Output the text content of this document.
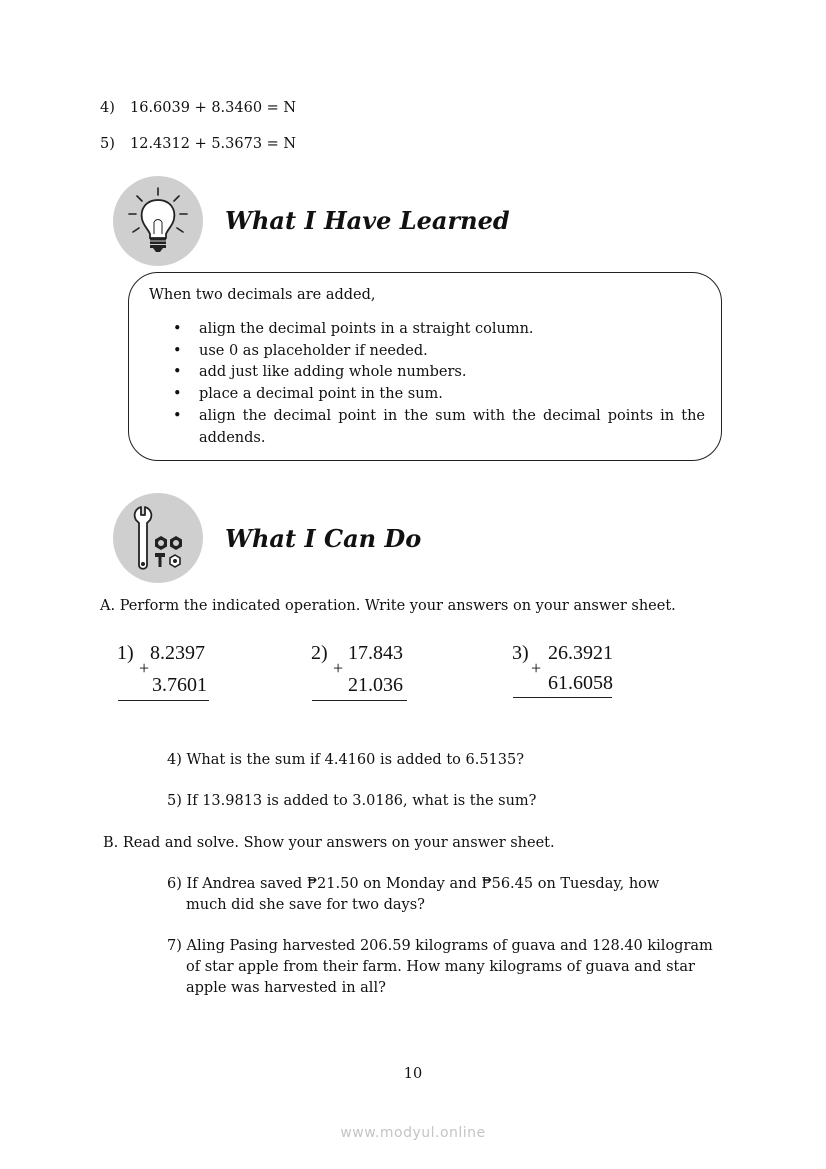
4) 16.6039 + 8.3460 = N
5) 12.4312 + 5.3673 = N
What I Have Learned
When two decimals are added,
• align the decimal points in a straight column.
• use 0 as placeholder if needed.
• add just like adding whole numbers.
• place a decimal point in the sum.
• align the decimal point in the sum with the decimal points in the addends.
What I Can Do
A. Perform the indicated operation. Write your answers on your answer sheet.
1) 8.2397
+
3.7601
2) 17.843
+
21.036
3) 26.3921
+
61.6058
4) What is the sum if 4.4160 is added to 6.5135?
5) If 13.9813 is added to 3.0186, what is the sum?
B. Read and solve. Show your answers on your answer sheet.
6) If Andrea saved ₱21.50 on Monday and ₱56.45 on Tuesday, how
much did she save for two days?
7) Aling Pasing harvested 206.59 kilograms of guava and 128.40 kilogram
of star apple from their farm. How many kilograms of guava and star
apple was harvested in all?
10
www.modyul.online
